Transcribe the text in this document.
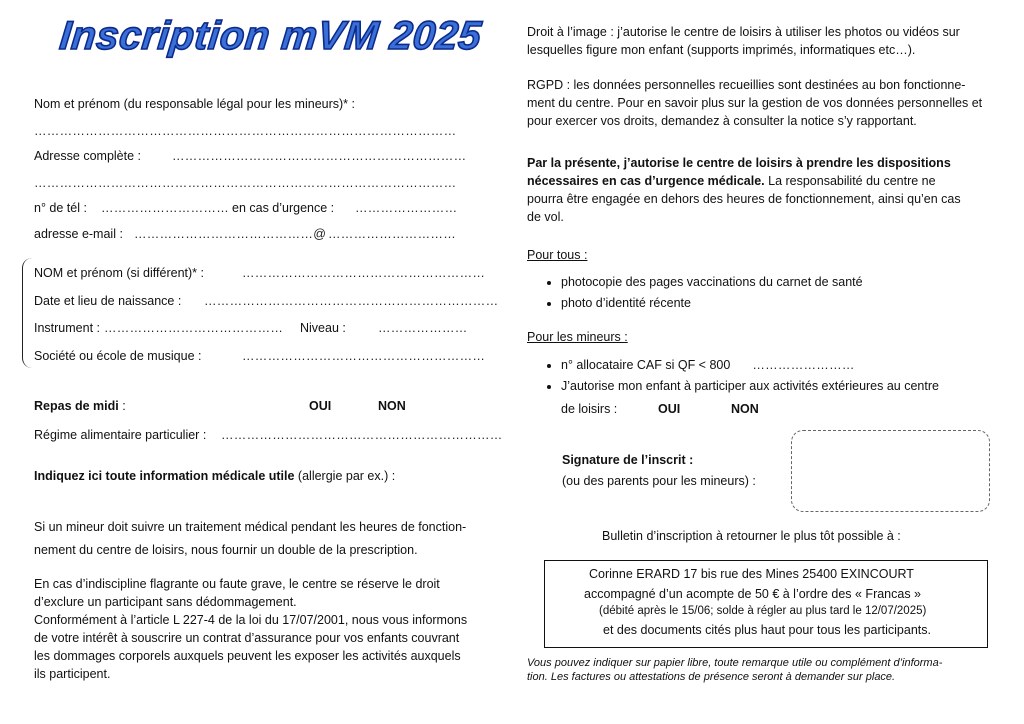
Inscription mVM 2025
Nom et prénom (du responsable légal pour les mineurs)* :
………………………………………………………………………………………
Adresse complète : ……………………………………………………………
………………………………………………………………………………………
n° de tél : ………………………… en cas d’urgence : ……………………
adresse e-mail : ……………………………………@ …………………………
NOM et prénom (si différent)* :	…………………………………………………
Date et lieu de naissance : ……………………………………………………………
Instrument : …………………………………… Niveau :	…………………
Société ou école de musique :	…………………………………………………
Repas de midi :	OUI	NON
Régime alimentaire particulier : …………………………………………………………
Indiquez ici toute information médicale utile (allergie par ex.) :
Si un mineur doit suivre un traitement médical pendant les heures de fonction-
nement du centre de loisirs, nous fournir un double de la prescription.
En cas d’indiscipline flagrante ou faute grave, le centre se réserve le droit
d’exclure un participant sans dédommagement.
Conformément à l’article L 227-4 de la loi du 17/07/2001, nous vous informons
de votre intérêt à souscrire un contrat d’assurance pour vos enfants couvrant
les dommages corporels auxquels peuvent les exposer les activités auxquels
ils participent.
Droit à l’image : j’autorise le centre de loisirs à utiliser les photos ou vidéos sur
lesquelles figure mon enfant (supports imprimés, informatiques etc…).
RGPD : les données personnelles recueillies sont destinées au bon fonctionne-
ment du centre. Pour en savoir plus sur la gestion de vos données personnelles et
pour exercer vos droits, demandez à consulter la notice s’y rapportant.
Par la présente, j’autorise le centre de loisirs à prendre les dispositions
nécessaires en cas d’urgence médicale. La responsabilité du centre ne
pourra être engagée en dehors des heures de fonctionnement, ainsi qu’en cas
de vol.
Pour tous :
• photocopie des pages vaccinations du carnet de santé
• photo d’identité récente
Pour les mineurs :
• n° allocataire CAF si QF < 800 ……………………
• J’autorise mon enfant à participer aux activités extérieures au centre
de loisirs :	OUI	NON
Signature de l’inscrit :
(ou des parents pour les mineurs) :
Bulletin d’inscription à retourner le plus tôt possible à :
Corinne ERARD 17 bis rue des Mines 25400 EXINCOURT
accompagné d’un acompte de 50 € à l’ordre des « Francas »
(débité après le 15/06; solde à régler au plus tard le 12/07/2025)
et des documents cités plus haut pour tous les participants.
Vous pouvez indiquer sur papier libre, toute remarque utile ou complément d’informa-
tion. Les factures ou attestations de présence seront à demander sur place.
